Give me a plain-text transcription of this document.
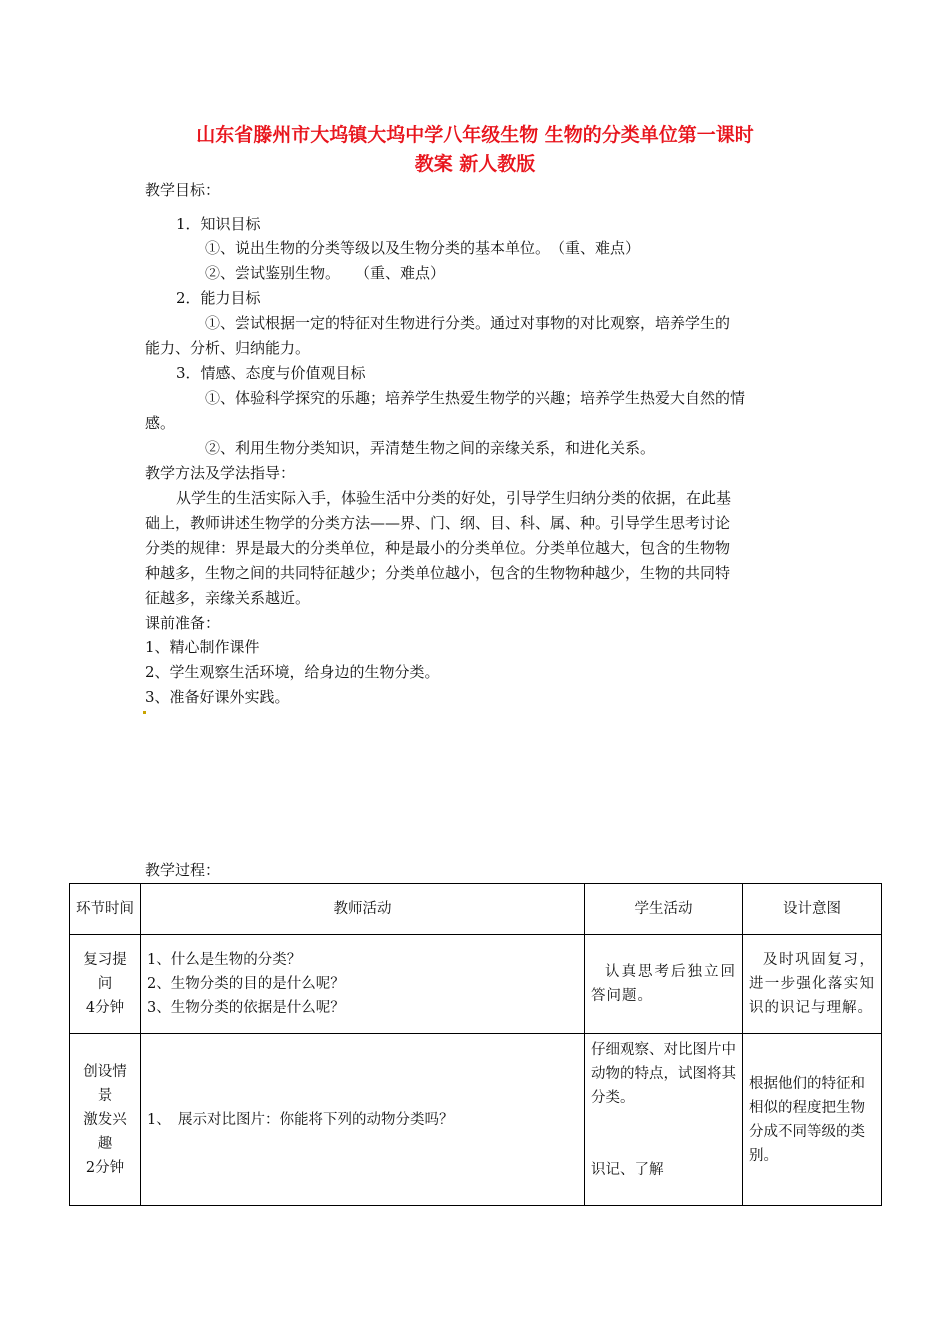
山东省滕州市大坞镇大坞中学八年级生物 生物的分类单位第一课时
教案 新人教版
教学目标：
1．知识目标
①、说出生物的分类等级以及生物分类的基本单位。　（重、难点）
②、尝试鉴别生物。　　（重、难点）
2．能力目标
①、尝试根据一定的特征对生物进行分类。通过对事物的对比观察，培养学生的
能力、分析、归纳能力。
3．情感、态度与价值观目标
①、体验科学探究的乐趣；培养学生热爱生物学的兴趣；培养学生热爱大自然的情
感。
②、利用生物分类知识，弄清楚生物之间的亲缘关系，和进化关系。
教学方法及学法指导：
从学生的生活实际入手，体验生活中分类的好处，引导学生归纳分类的依据，在此基
础上，教师讲述生物学的分类方法——界、门、纲、目、科、属、种。引导学生思考讨论
分类的规律：界是最大的分类单位，种是最小的分类单位。分类单位越大，包含的生物物
种越多，生物之间的共同特征越少；分类单位越小，包含的生物物种越少，生物的共同特
征越多，亲缘关系越近。
课前准备：
1、精心制作课件
2、学生观察生活环境，给身边的生物分类。
3、准备好课外实践。
教学过程：
环节时间	教师活动	学生活动	设计意图
复习提
问
4分钟	1、什么是生物的分类？
2、生物分类的目的是什么呢？
3、生物分类的依据是什么呢？	认真思考后独立回答问题。	及时巩固复习，进一步强化落实知识的识记与理解。
创设情
景
激发兴
趣
2分钟	1、　展示对比图片：你能将下列的动物分类吗？	仔细观察、对比图片中动物的特点，试图将其分类。

识记、了解	根据他们的特征和相似的程度把生物分成不同等级的类别。
